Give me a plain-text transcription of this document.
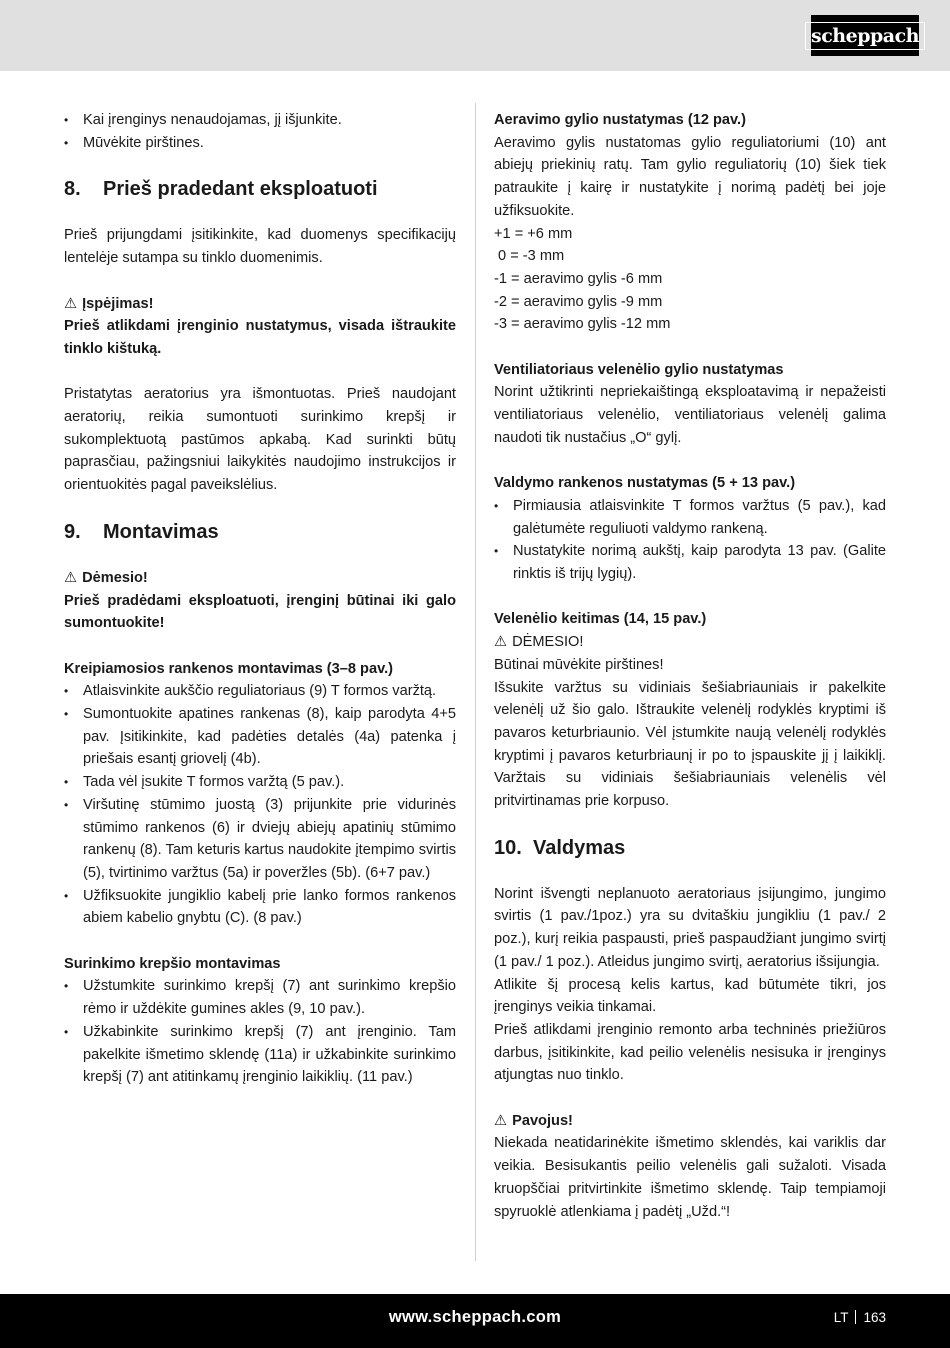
scheppach
• Kai įrenginys nenaudojamas, jį išjunkite.
• Mūvėkite pirštines.
8.	Prieš pradedant eksploatuoti

Prieš prijungdami įsitikinkite, kad duomenys specifikacijų lentelėje sutampa su tinklo duomenimis.

⚠ Įspėjimas!

Prieš atlikdami įrenginio nustatymus, visada ištraukite tinklo kištuką.

Pristatytas aeratorius yra išmontuotas. Prieš naudojant aeratorių, reikia sumontuoti surinkimo krepšį ir sukomplektuotą pastūmos apkabą. Kad surinkti būtų paprasčiau, pažingsniui laikykitės naudojimo instrukcijos ir orientuokitės pagal paveikslėlius.

9.	Montavimas

⚠ Dėmesio!

Prieš pradėdami eksploatuoti, įrenginį būtinai iki galo sumontuokite!

Kreipiamosios rankenos montavimas (3–8 pav.)

• Atlaisvinkite aukščio reguliatoriaus (9) T formos varžtą.
• Sumontuokite apatines rankenas (8), kaip parodyta 4+5 pav. Įsitikinkite, kad padėties detalės (4a) patenka į priešais esantį griovelį (4b).
• Tada vėl įsukite T formos varžtą (5 pav.).
• Viršutinę stūmimo juostą (3) prijunkite prie vidurinės stūmimo rankenos (6) ir dviejų abiejų apatinių stūmimo rankenų (8). Tam keturis kartus naudokite įtempimo svirtis (5), tvirtinimo varžtus (5a) ir poveržles (5b). (6+7 pav.)
• Užfiksuokite jungiklio kabelį prie lanko formos rankenos abiem kabelio gnybtu (C). (8 pav.)

Surinkimo krepšio montavimas

• Užstumkite surinkimo krepšį (7) ant surinkimo krepšio rėmo ir uždėkite gumines akles (9, 10 pav.).
• Užkabinkite surinkimo krepšį (7) ant įrenginio. Tam pakelkite išmetimo sklendę (11a) ir užkabinkite surinkimo krepšį (7) ant atitinkamų įrenginio laikiklių. (11 pav.)

Aeravimo gylio nustatymas (12 pav.)

Aeravimo gylis nustatomas gylio reguliatoriumi (10) ant abiejų priekinių ratų. Tam gylio reguliatorių (10) šiek tiek patraukite į kairę ir nustatykite į norimą padėtį bei joje užfiksuokite.

+1 = +6 mm

0 = -3 mm

-1 = aeravimo gylis -6 mm

-2 = aeravimo gylis -9 mm

-3 = aeravimo gylis -12 mm

Ventiliatoriaus velenėlio gylio nustatymas

Norint užtikrinti nepriekaištingą eksploatavimą ir nepažeisti ventiliatoriaus velenėlio, ventiliatoriaus velenėlį galima naudoti tik nustačius „O“ gylį.

Valdymo rankenos nustatymas (5 + 13 pav.)

• Pirmiausia atlaisvinkite T formos varžtus (5 pav.), kad galėtumėte reguliuoti valdymo rankeną.
• Nustatykite norimą aukštį, kaip parodyta 13 pav. (Galite rinktis iš trijų lygių).

Velenėlio keitimas (14, 15 pav.)

⚠ DĖMESIO!

Būtinai mūvėkite pirštines!

Išsukite varžtus su vidiniais šešiabriauniais ir pakelkite velenėlį už šio galo. Ištraukite velenėlį rodyklės kryptimi iš pavaros keturbriaunio. Vėl įstumkite naują velenėlį rodyklės kryptimi į pavaros keturbriaunį ir po to įspauskite jį į laikiklį. Varžtais su vidiniais šešiabriauniais velenėlis vėl pritvirtinamas prie korpuso.

10. Valdymas

Norint išvengti neplanuoto aeratoriaus įsijungimo, jungimo svirtis (1 pav./1poz.) yra su dvitaškiu jungikliu (1 pav./ 2 poz.), kurį reikia paspausti, prieš paspaudžiant jungimo svirtį (1 pav./ 1 poz.). Atleidus jungimo svirtį, aeratorius išsijungia.

Atlikite šį procesą kelis kartus, kad būtumėte tikri, jos įrenginys veikia tinkamai.

Prieš atlikdami įrenginio remonto arba techninės priežiūros darbus, įsitikinkite, kad peilio velenėlis nesisuka ir įrenginys atjungtas nuo tinklo.

⚠ Pavojus!

Niekada neatidarinėkite išmetimo sklendės, kai variklis dar veikia. Besisukantis peilio velenėlis gali sužaloti. Visada kruopščiai pritvirtinkite išmetimo sklendę. Taip tempiamoji spyruoklė atlenkiama į padėtį „Užd.“!

www.scheppach.com	LT 163
